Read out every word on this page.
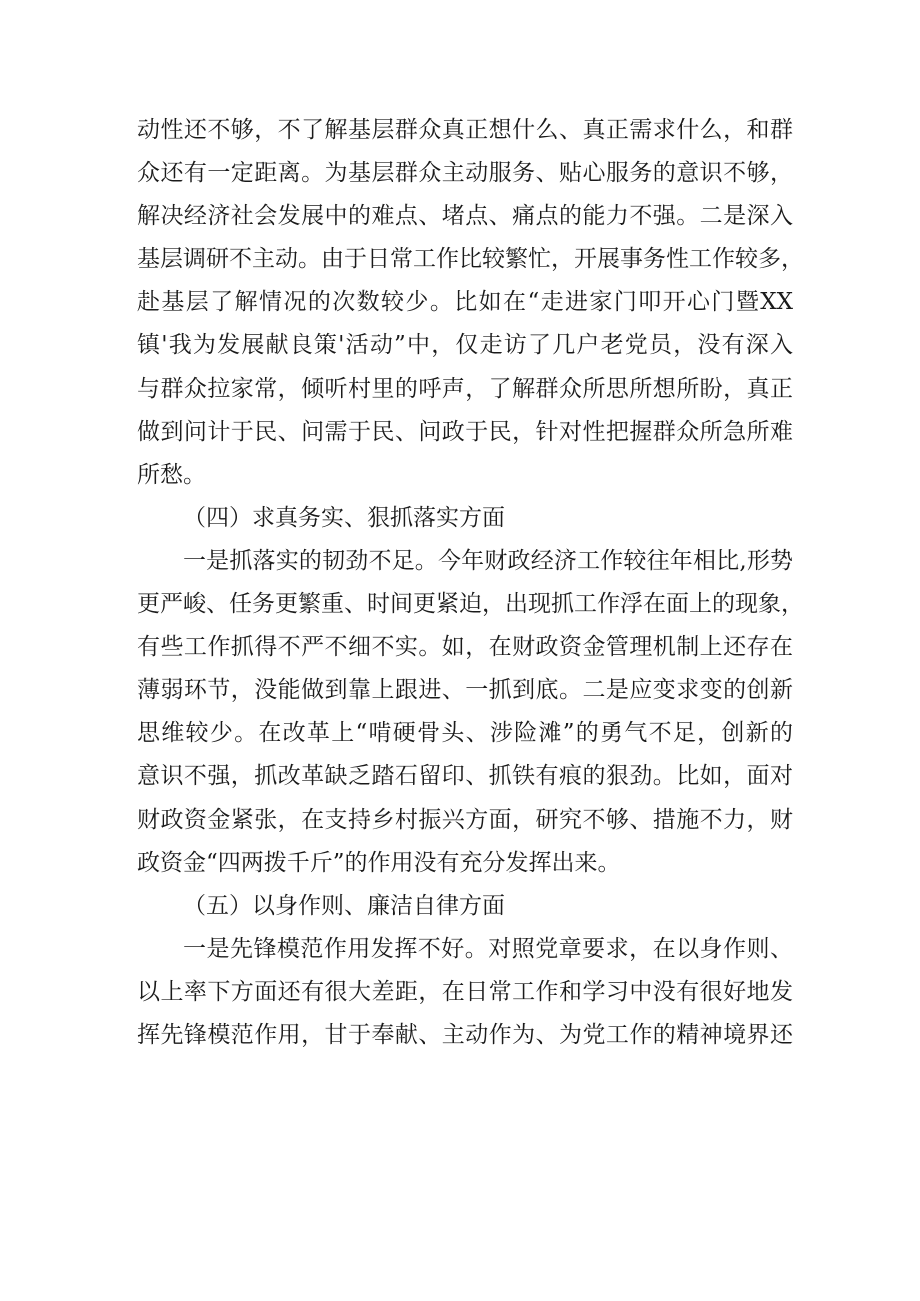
动性还不够，不了解基层群众真正想什么、真正需求什么，和群
众还有一定距离。为基层群众主动服务、贴心服务的意识不够，
解决经济社会发展中的难点、堵点、痛点的能力不强。二是深入
基层调研不主动。由于日常工作比较繁忙，开展事务性工作较多，
赴基层了解情况的次数较少。比如在“走进家门叩开心门暨XX
镇'我为发展献良策'活动”中，仅走访了几户老党员，没有深入
与群众拉家常，倾听村里的呼声，了解群众所思所想所盼，真正
做到问计于民、问需于民、问政于民，针对性把握群众所急所难
所愁。
（四）求真务实、狠抓落实方面
一是抓落实的韧劲不足。今年财政经济工作较往年相比,形势
更严峻、任务更繁重、时间更紧迫，出现抓工作浮在面上的现象，
有些工作抓得不严不细不实。如，在财政资金管理机制上还存在
薄弱环节，没能做到靠上跟进、一抓到底。二是应变求变的创新
思维较少。在改革上“啃硬骨头、涉险滩”的勇气不足，创新的
意识不强，抓改革缺乏踏石留印、抓铁有痕的狠劲。比如，面对
财政资金紧张，在支持乡村振兴方面，研究不够、措施不力，财
政资金“四两拨千斤”的作用没有充分发挥出来。
（五）以身作则、廉洁自律方面
一是先锋模范作用发挥不好。对照党章要求，在以身作则、
以上率下方面还有很大差距，在日常工作和学习中没有很好地发
挥先锋模范作用，甘于奉献、主动作为、为党工作的精神境界还
